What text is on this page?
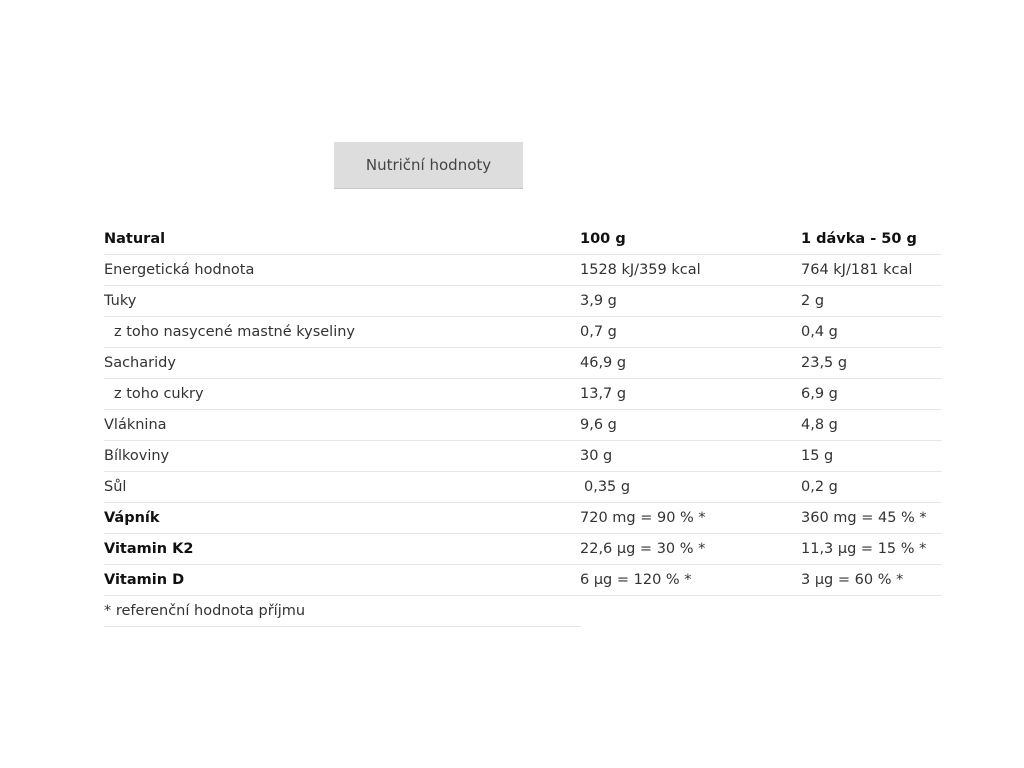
Nutriční hodnoty
Natural	100 g	1 dávka - 50 g
Energetická hodnota	1528 kJ/359 kcal	764 kJ/181 kcal
Tuky	3,9 g	2 g
z toho nasycené mastné kyseliny	0,7 g	0,4 g
Sacharidy	46,9 g	23,5 g
z toho cukry	13,7 g	6,9 g
Vláknina	9,6 g	4,8 g
Bílkoviny	30 g	15 g
Sůl	0,35 g	0,2 g
Vápník	720 mg = 90 % *	360 mg = 45 % *
Vitamin K2	22,6 µg = 30 % *	11,3 µg = 15 % *
Vitamin D	6 µg = 120 % *	3 µg = 60 % *
* referenční hodnota příjmu
